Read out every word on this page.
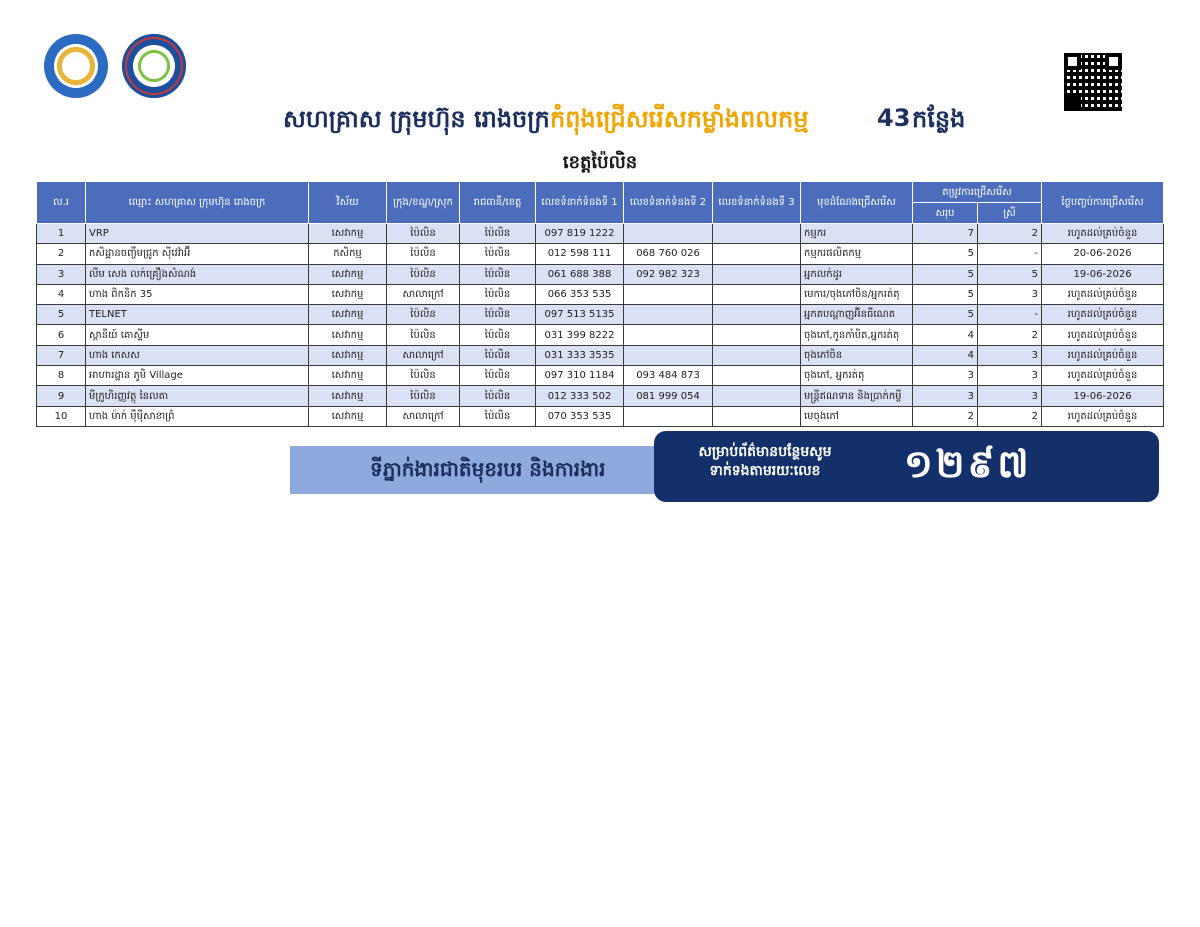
សហគ្រាស ក្រុមហ៊ុន រោងចក្រ កំពុងជ្រើសរើសកម្លាំងពលកម្ម	43 កន្លែង
ខេត្តប៉ៃលិន
ល.រ	ឈ្មោះ សហគ្រាស ក្រុមហ៊ុន រោងចក្រ	វិស័យ	ក្រុង/ខណ្ឌ/ស្រុក	រាជធានី/ខេត្ត	លេខទំនាក់ទំនងទី 1	លេខទំនាក់ទំនងទី 2	លេខទំនាក់ទំនងទី 3	មុខដំណែងជ្រើសរើស	តម្រូវការជ្រើសរើស		ថ្ងៃបញ្ចប់ការជ្រើសរើស
									សរុប	ស្រី	
1	VRP	សេវាកម្ម	ប៉ៃលិន	ប៉ៃលិន	097 819 1222			កម្មករ	7	2	រហូតដល់គ្រប់ចំនួន
2	កសិដ្ឋានចញ្ចឹមជ្រូក ស៊ីវេវ៉ាអ៊ី	កសិកម្ម	ប៉ៃលិន	ប៉ៃលិន	012 598 111	068 760 026		កម្មករផលិតកម្ម	5	-	20-06-2026
3	លីម សេង លក់គ្រឿងសំណង់	សេវាកម្ម	ប៉ៃលិន	ប៉ៃលិន	061 688 388	092 982 323		អ្នកលក់ដូរ	5	5	19-06-2026
4	ហាង ពិកនិក 35	សេវាកម្ម	សាលាក្រៅ	ប៉ៃលិន	066 353 535			មេការ/ចុងភៅចិន/អ្នករត់តុ	5	3	រហូតដល់គ្រប់ចំនួន
5	TELNET	សេវាកម្ម	ប៉ៃលិន	ប៉ៃលិន	097 513 5135			អ្នកតបណ្ដាញអ៊ិនធឺណេត	5	-	រហូតដល់គ្រប់ចំនួន
6	ស្ពានីយ៍ គោស្ទីម	សេវាកម្ម	ប៉ៃលិន	ប៉ៃលិន	031 399 8222			ចុងភៅ,កូនកាំបិត,អ្នករត់តុ	4	2	រហូតដល់គ្រប់ចំនួន
7	ហាង កេសស	សេវាកម្ម	សាលាក្រៅ	ប៉ៃលិន	031 333 3535			ចុងភៅចិន	4	3	រហូតដល់គ្រប់ចំនួន
8	អាហារដ្ឋាន ភូមិ Village	សេវាកម្ម	ប៉ៃលិន	ប៉ៃលិន	097 310 1184	093 484 873		ចុងភៅ, អ្នករត់តុ	3	3	រហូតដល់គ្រប់ចំនួន
9	មីក្រូហិរញ្ញវត្ថុ នៃលតា	សេវាកម្ម	ប៉ៃលិន	ប៉ៃលិន	012 333 502	081 999 054		មន្ត្រីឥណទាន និងប្រាក់កម្ចី	3	3	19-06-2026
10	ហាង ម៉ាក់ ម៉ឹម៉ីសាខាព្រំ	សេវាកម្ម	សាលាក្រៅ	ប៉ៃលិន	070 353 535			មេចុងភៅ	2	2	រហូតដល់គ្រប់ចំនួន
ទីភ្នាក់ងារជាតិមុខរបរ និងការងារ
សម្រាប់ព័ត៌មានបន្ថែមសូម
ទាក់ទងតាមរយៈលេខ	១២៩៧
